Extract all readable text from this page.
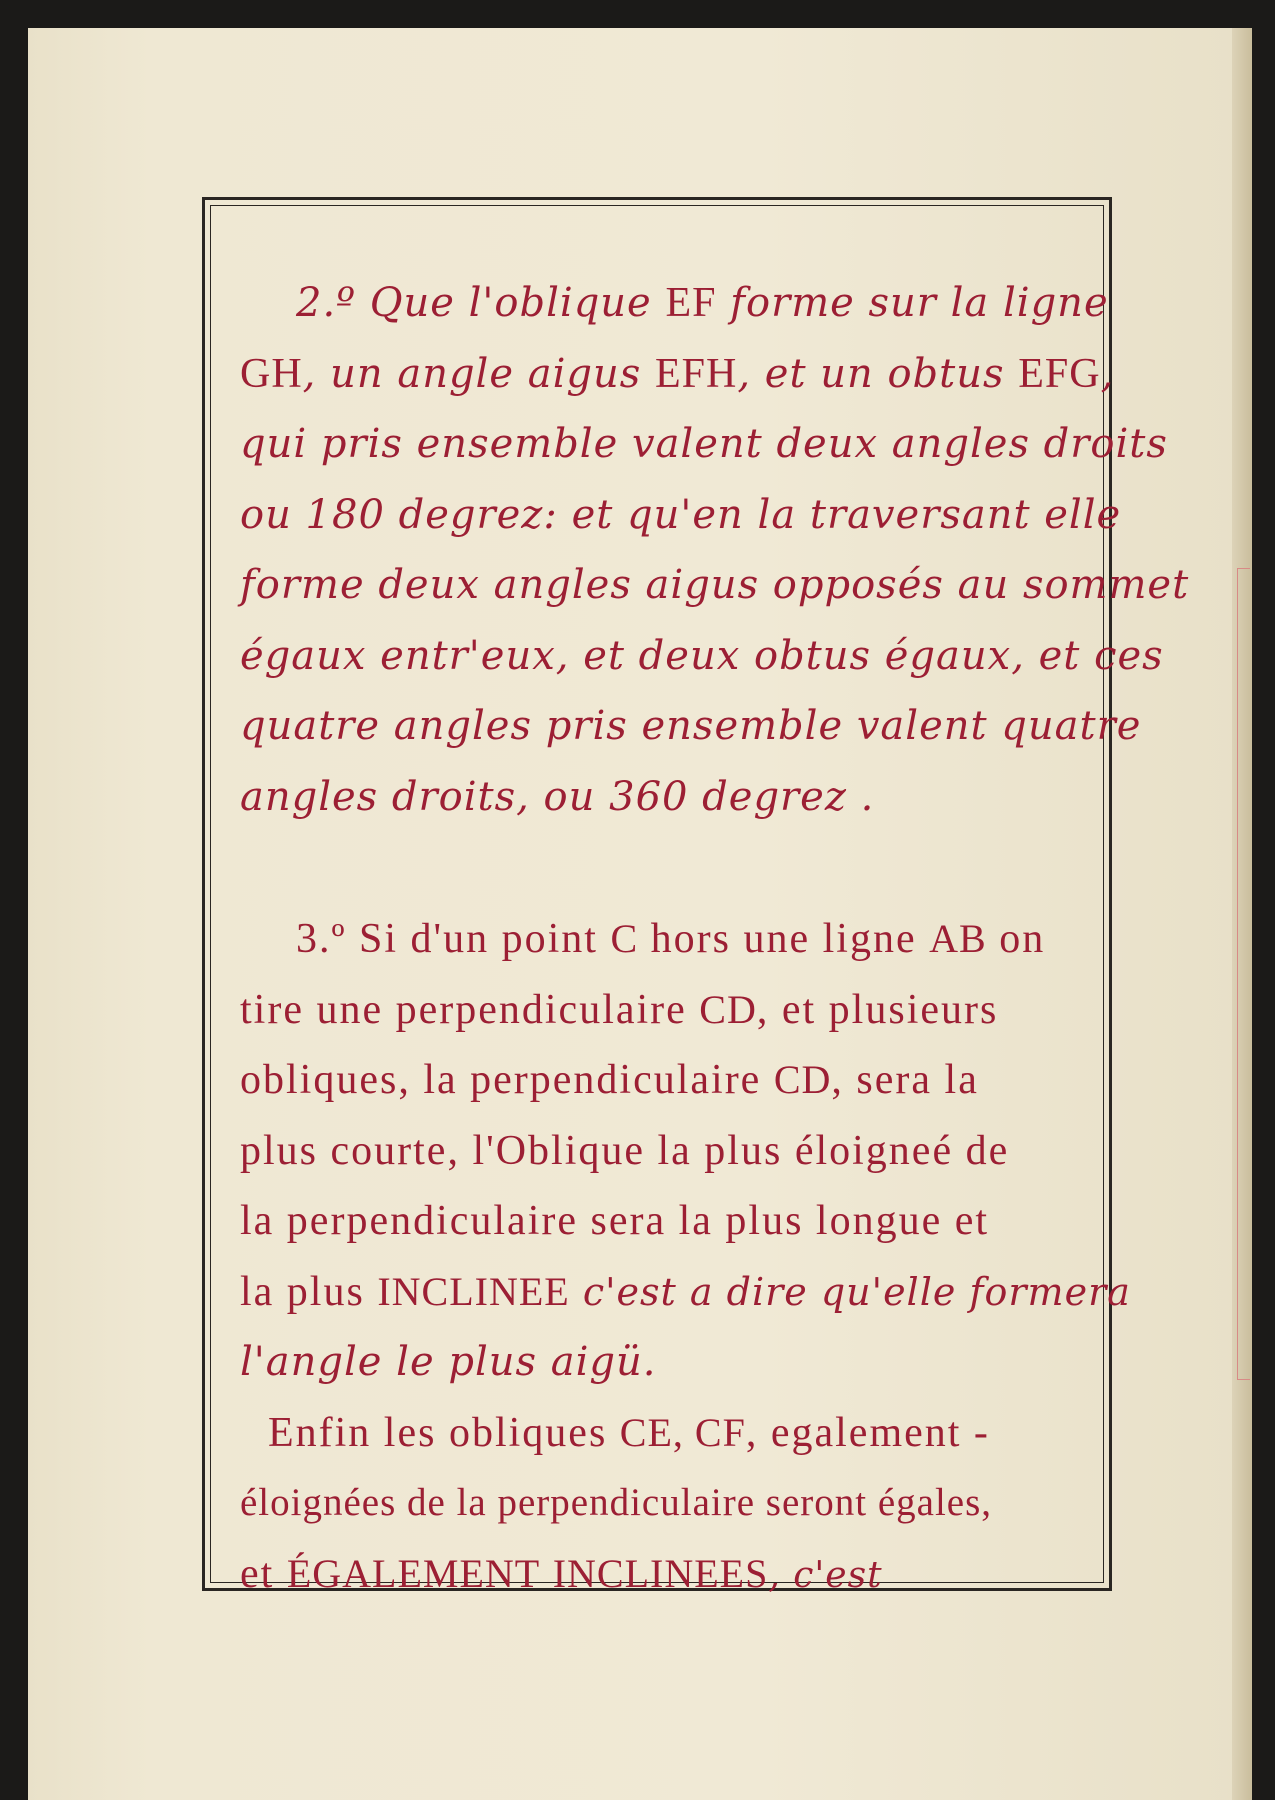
2.º Que l'oblique EF forme sur la ligne
GH, un angle aigus EFH, et un obtus EFG,
qui pris ensemble valent deux angles droits
ou 180 degrez: et qu'en la traversant elle
forme deux angles aigus opposés au sommet
égaux entr'eux, et deux obtus égaux, et ces
quatre angles pris ensemble valent quatre
angles droits, ou 360 degrez .
3.º Si d'un point C hors une ligne AB on
tire une perpendiculaire CD, et plusieurs
obliques, la perpendiculaire CD, sera la
plus courte, l'Oblique la plus éloigneé de
la perpendiculaire sera la plus longue et
la plus INCLINEE c'est a dire qu'elle formera
l'angle le plus aigü.
Enfin les obliques CE, CF, egalement -
éloignées de la perpendiculaire seront égales,
et ÉGALEMENT INCLINEES, c'est
